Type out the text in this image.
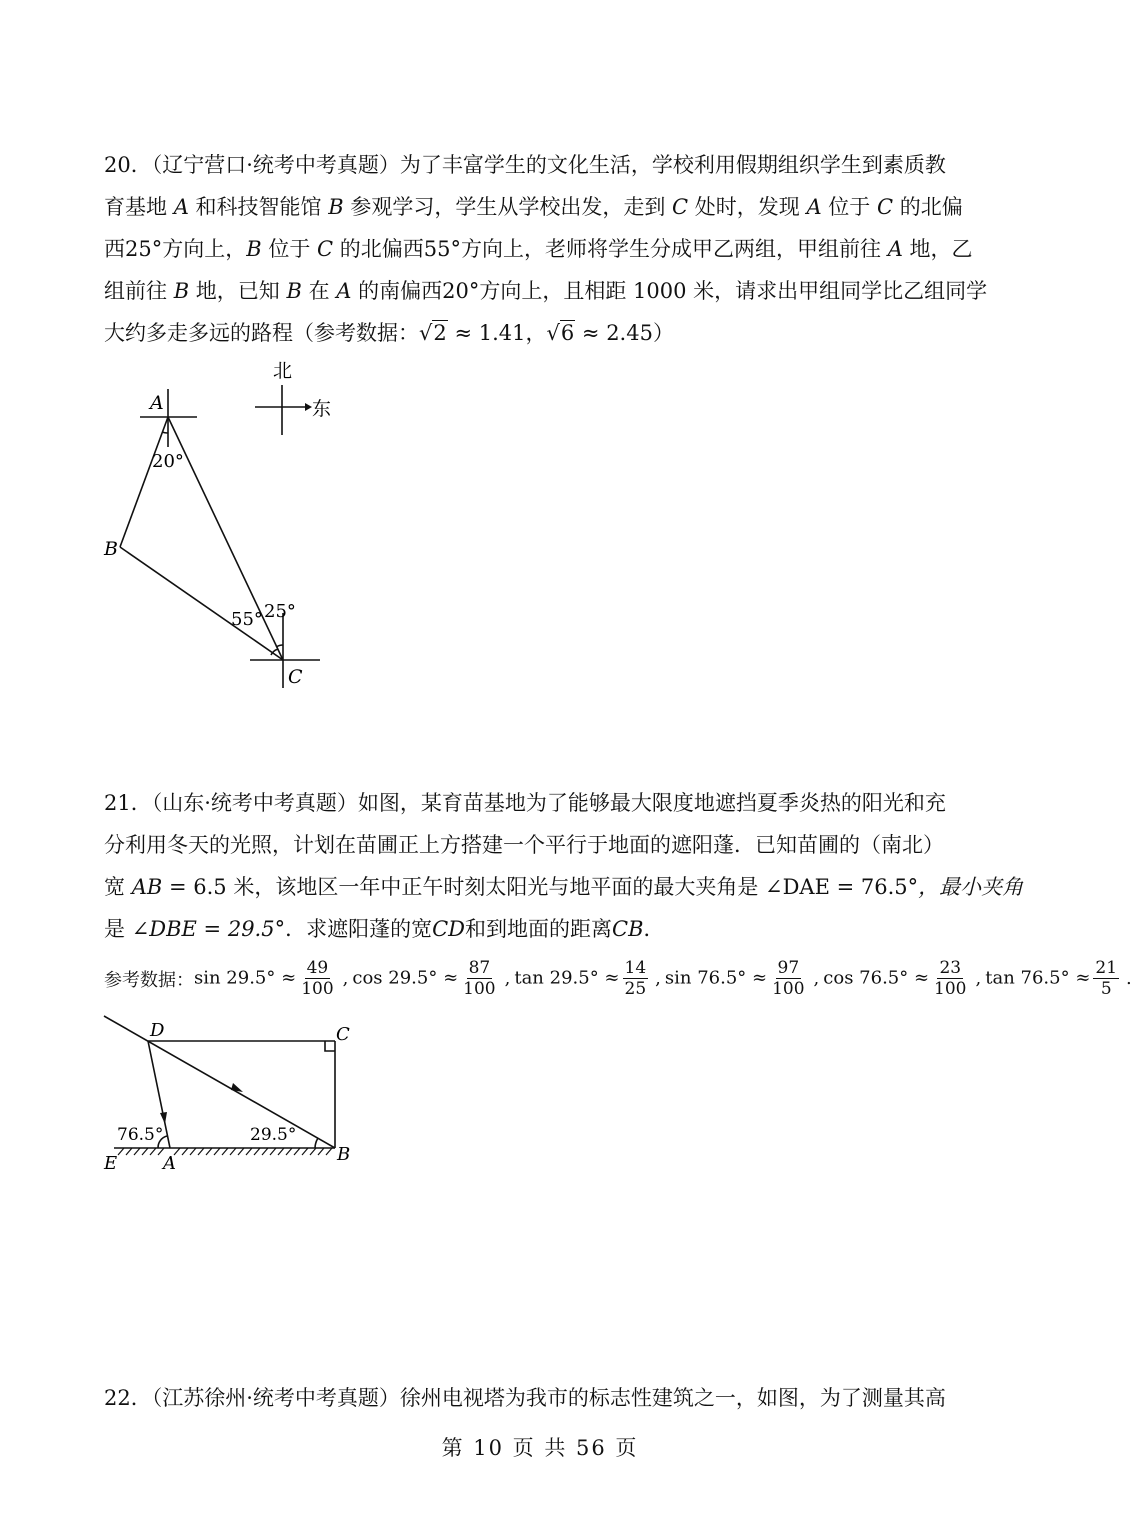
20．（辽宁营口·统考中考真题）为了丰富学生的文化生活，学校利用假期组织学生到素质教
育基地 A 和科技智能馆 B 参观学习，学生从学校出发，走到 C 处时，发现 A 位于 C 的北偏
西25°方向上，B 位于 C 的北偏西55°方向上，老师将学生分成甲乙两组，甲组前往 A 地，乙
组前往 B 地，已知 B 在 A 的南偏西20°方向上，且相距 1000 米，请求出甲组同学比乙组同学
大约多走多远的路程（参考数据：√2 ≈ 1.41，√6 ≈ 2.45）
A
B
C
20°
55° 25°
北
东
21．（山东·统考中考真题）如图，某育苗基地为了能够最大限度地遮挡夏季炎热的阳光和充
分利用冬天的光照，计划在苗圃正上方搭建一个平行于地面的遮阳蓬．已知苗圃的（南北）
宽 AB = 6.5 米，该地区一年中正午时刻太阳光与地平面的最大夹角是 ∠DAE = 76.5°，最小夹角
是 ∠DBE = 29.5°．求遮阳蓬的宽CD和到地面的距离CB．
参考数据： $\sin 29.5^\circ \approx \frac{49}{100}$ , $\cos 29.5^\circ \approx \frac{87}{100}$ , $\tan 29.5^\circ \approx \frac{14}{25}$ , $\sin 76.5^\circ \approx \frac{97}{100}$ , $\cos 76.5^\circ \approx \frac{23}{100}$ , $\tan 76.5^\circ \approx \frac{21}{5}$ .
D	C
E	A	B
76.5°	29.5°
22．（江苏徐州·统考中考真题）徐州电视塔为我市的标志性建筑之一，如图，为了测量其高
第 10 页 共 56 页
